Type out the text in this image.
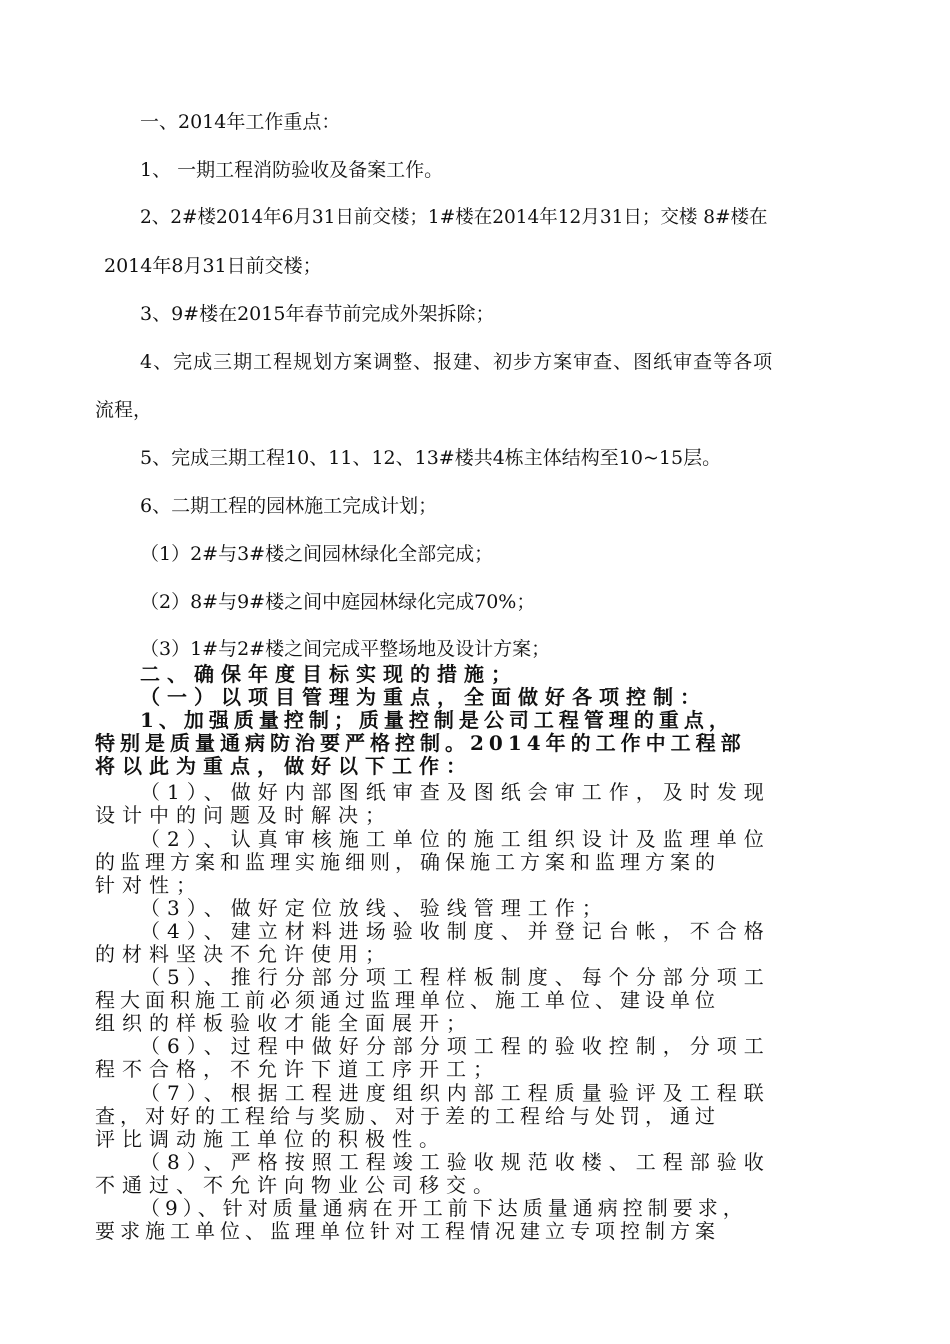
一、2014年工作重点：
1、 一期工程消防验收及备案工作。
2、2#楼2014年6月31日前交楼；1#楼在2014年12月31日；交楼 8#楼在
2014年8月31日前交楼；
3、9#楼在2015年春节前完成外架拆除；
4、完成三期工程规划方案调整、报建、初步方案审查、图纸审查等各项
流程，
5、完成三期工程10、11、12、13#楼共4栋主体结构至10~15层。
6、二期工程的园林施工完成计划；
（1）2#与3#楼之间园林绿化全部完成；
（2）8#与9#楼之间中庭园林绿化完成70%；
（3）1#与2#楼之间完成平整场地及设计方案；
二、确保年度目标实现的措施；
（一）以项目管理为重点，全面做好各项控制：
1、加强质量控制；质量控制是公司工程管理的重点，
特别是质量通病防治要严格控制。2014年的工作中工程部
将以此为重点，做好以下工作：
（1）、做好内部图纸审查及图纸会审工作，及时发现
设计中的问题及时解决；
（2）、认真审核施工单位的施工组织设计及监理单位
的监理方案和监理实施细则，确保施工方案和监理方案的
针对性；
（3）、做好定位放线、验线管理工作；
（4）、建立材料进场验收制度、并登记台帐，不合格
的材料坚决不允许使用；
（5）、推行分部分项工程样板制度、每个分部分项工
程大面积施工前必须通过监理单位、施工单位、建设单位
组织的样板验收才能全面展开；
（6）、过程中做好分部分项工程的验收控制，分项工
程不合格，不允许下道工序开工；
（7）、根据工程进度组织内部工程质量验评及工程联
查，对好的工程给与奖励、对于差的工程给与处罚，通过
评比调动施工单位的积极性。
（8）、严格按照工程竣工验收规范收楼、工程部验收
不通过、不允许向物业公司移交。
（9）、针对质量通病在开工前下达质量通病控制要求，
要求施工单位、监理单位针对工程情况建立专项控制方案
